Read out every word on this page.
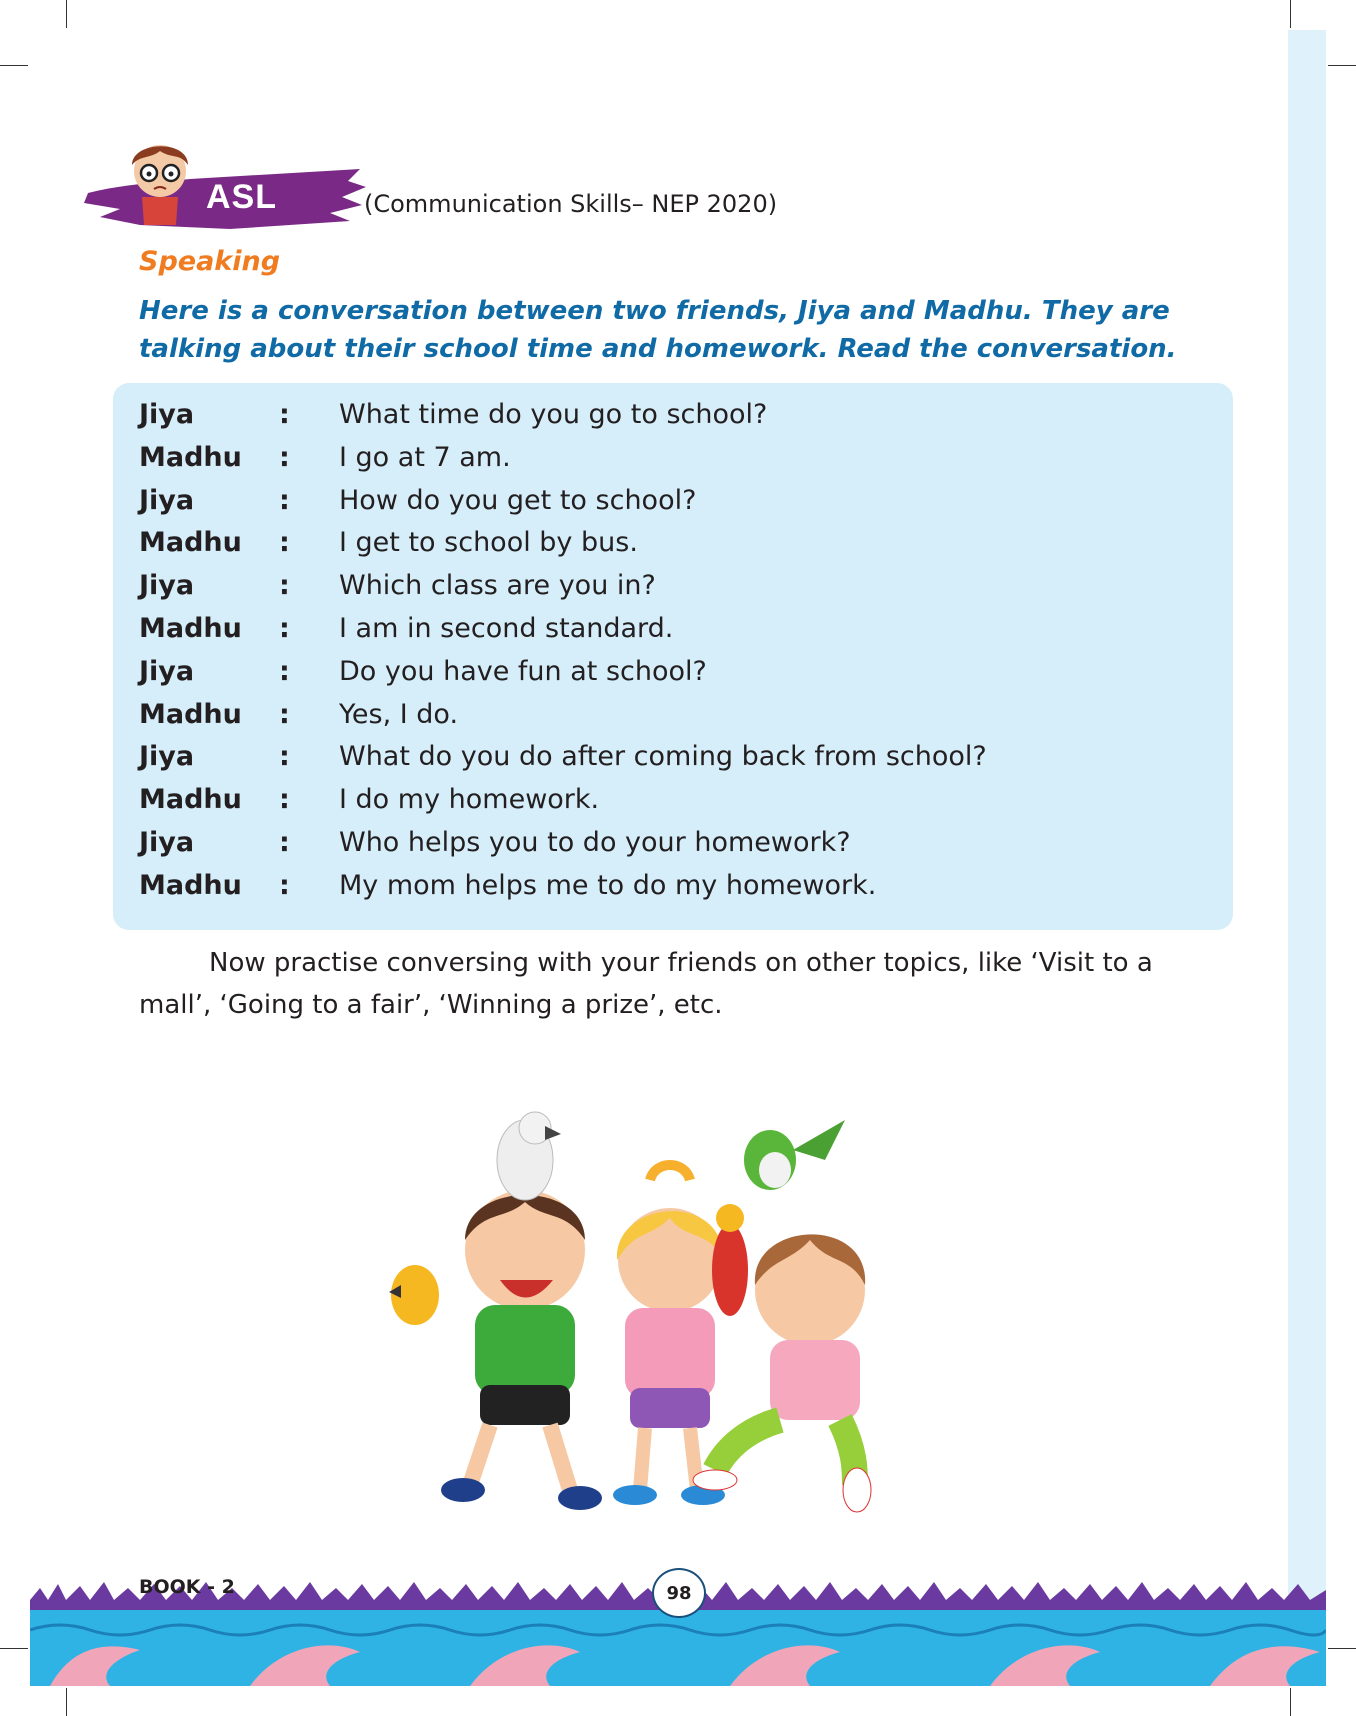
ASL	(Communication Skills– NEP 2020)
Speaking
Here is a conversation between two friends, Jiya and Madhu. They are talking about their school time and homework. Read the conversation.
Jiya	: What time do you go to school?
Madhu : I go at 7 am.
Jiya	: How do you get to school?
Madhu : I get to school by bus.
Jiya	: Which class are you in?
Madhu : I am in second standard.
Jiya	: Do you have fun at school?
Madhu : Yes, I do.
Jiya	: What do you do after coming back from school?
Madhu : I do my homework.
Jiya	: Who helps you to do your homework?
Madhu : My mom helps me to do my homework.
Now practise conversing with your friends on other topics, like ‘Visit to a mall’, ‘Going to a fair’, ‘Winning a prize’, etc.
BOOK - 2	98
